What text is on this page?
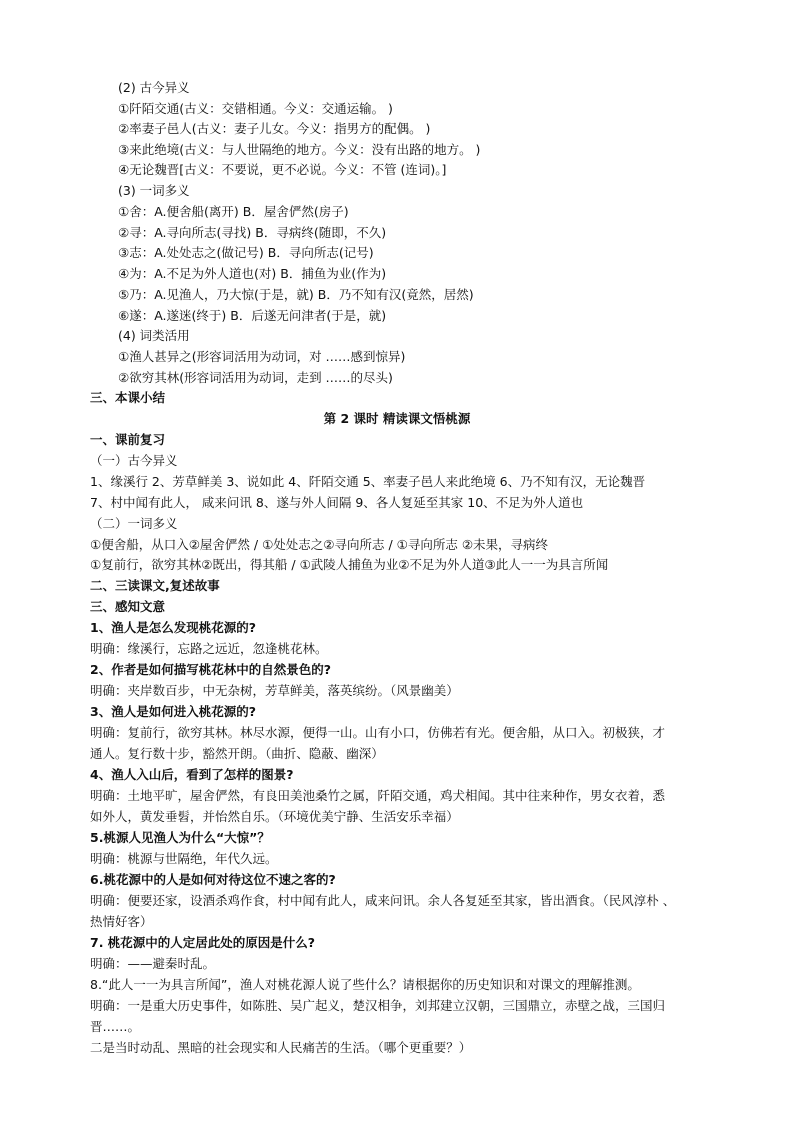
(2) 古今异义
①阡陌交通(古义：交错相通。今义：交通运输。 )
②率妻子邑人(古义：妻子儿女。今义：指男方的配偶。 )
③来此绝境(古义：与人世隔绝的地方。今义：没有出路的地方。 )
④无论魏晋[古义：不要说，更不必说。今义：不管 (连词)。]
(3) 一词多义
①舍：A.便舍船(离开) B．屋舍俨然(房子)
②寻：A.寻向所志(寻找) B．寻病终(随即，不久)
③志：A.处处志之(做记号) B．寻向所志(记号)
④为：A.不足为外人道也(对) B．捕鱼为业(作为)
⑤乃：A.见渔人，乃大惊(于是，就) B．乃不知有汉(竟然，居然)
⑥遂：A.遂迷(终于) B．后遂无问津者(于是，就)
(4) 词类活用
①渔人甚异之(形容词活用为动词，对 ……感到惊异)
②欲穷其林(形容词活用为动词，走到 ……的尽头)
三、本课小结
第 2 课时 精读课文悟桃源
一、课前复习
（一）古今异义
1、缘溪行 2、芳草鲜美 3、说如此 4、阡陌交通 5、率妻子邑人来此绝境 6、乃不知有汉，无论魏晋
7、村中闻有此人， 咸来问讯 8、遂与外人间隔 9、各人复延至其家 10、不足为外人道也
（二）一词多义
①便舍船，从口入②屋舍俨然 / ①处处志之②寻向所志 / ①寻向所志 ②未果，寻病终
①复前行，欲穷其林②既出，得其船 / ①武陵人捕鱼为业②不足为外人道③此人一一为具言所闻
二、三读课文,复述故事
三、感知文意
1、渔人是怎么发现桃花源的?
明确：缘溪行，忘路之远近，忽逢桃花林。
2、作者是如何描写桃花林中的自然景色的?
明确：夹岸数百步，中无杂树，芳草鲜美，落英缤纷。（风景幽美）
3、渔人是如何进入桃花源的?
明确：复前行，欲穷其林。林尽水源，便得一山。山有小口，仿佛若有光。便舍船，从口入。初极狭，才
通人。复行数十步，豁然开朗。（曲折、隐蔽、幽深）
4、渔人入山后，看到了怎样的图景?
明确：土地平旷，屋舍俨然，有良田美池桑竹之属，阡陌交通，鸡犬相闻。其中往来种作，男女衣着，悉
如外人，黄发垂髫，并怡然自乐。（环境优美宁静、生活安乐幸福）
5.桃源人见渔人为什么“大惊”？
明确：桃源与世隔绝，年代久远。
6.桃花源中的人是如何对待这位不速之客的?
明确：便要还家，设酒杀鸡作食，村中闻有此人，咸来问讯。余人各复延至其家，皆出酒食。（民风淳朴 、
热情好客）
7. 桃花源中的人定居此处的原因是什么?
明确：——避秦时乱。
8.“此人一一为具言所闻”，渔人对桃花源人说了些什么？请根据你的历史知识和对课文的理解推测。
明确：一是重大历史事件，如陈胜、吴广起义，楚汉相争，刘邦建立汉朝，三国鼎立，赤壁之战，三国归
晋……。
二是当时动乱、黑暗的社会现实和人民痛苦的生活。（哪个更重要？）
